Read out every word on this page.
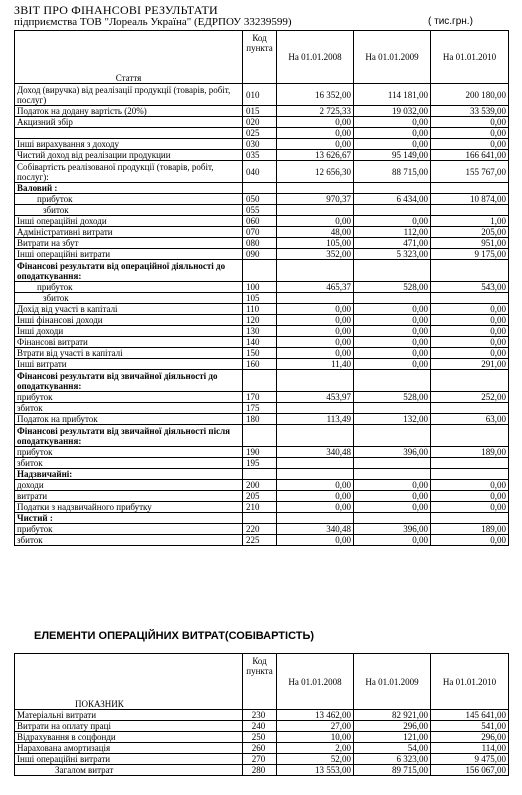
ЗВІТ ПРО ФІНАНСОВІ РЕЗУЛЬТАТИ
підприємства ТОВ "Лореаль Україна" (ЕДРПОУ 33239599)	( тис.грн.)
Стаття	Код пункта	На 01.01.2008	На 01.01.2009	На 01.01.2010
Доход (виручка) від реалізації продукції (товарів, робіт, послуг)	010	16 352,00	114 181,00	200 180,00
Податок на додану вартість (20%)	015	2 725,33	19 032,00	33 539,00
Акцизний збір	020	0,00	0,00	0,00
	025	0,00	0,00	0,00
Інші вирахування з доходу	030	0,00	0,00	0,00
Чистий доход від реалізации продукции	035	13 626,67	95 149,00	166 641,00
Собівартість реалізованої продукції (товарів, робіт, послуг):	040	12 656,30	88 715,00	155 767,00
Валовий :				
прибуток	050	970,37	6 434,00	10 874,00
збиток	055			
Інші операційні доходи	060	0,00	0,00	1,00
Адміністративні витрати	070	48,00	112,00	205,00
Витрати на збут	080	105,00	471,00	951,00
Інші операційні витрати	090	352,00	5 323,00	9 175,00
Фінансові результати від операційної діяльності до оподаткування:				
прибуток	100	465,37	528,00	543,00
збиток	105			
Дохід від участі в капіталі	110	0,00	0,00	0,00
Інші фінансові доходи	120	0,00	0,00	0,00
Інші доходи	130	0,00	0,00	0,00
Фінансові витрати	140	0,00	0,00	0,00
Втрати від участі в капіталі	150	0,00	0,00	0,00
Інші витрати	160	11,40	0,00	291,00
Фінансові результати від звичайної діяльності до оподаткування:				
прибуток	170	453,97	528,00	252,00
збиток	175			
Податок на прибуток	180	113,49	132,00	63,00
Фінансові результати від звичайної діяльності після оподаткування:				
прибуток	190	340,48	396,00	189,00
збиток	195			
Надзвичайні:				
доходи	200	0,00	0,00	0,00
витрати	205	0,00	0,00	0,00
Податки з надзвичайного прибутку	210	0,00	0,00	0,00
Чистий :				
прибуток	220	340,48	396,00	189,00
збиток	225	0,00	0,00	0,00
ЕЛЕМЕНТИ ОПЕРАЦІЙНИХ ВИТРАТ(СОБІВАРТІСТЬ)
ПОКАЗНИК	Код пункта	На 01.01.2008	На 01.01.2009	На 01.01.2010
Матеріальні витрати	230	13 462,00	82 921,00	145 641,00
Витрати на оплату праці	240	27,00	296,00	541,00
Відрахування в соцфонди	250	10,00	121,00	296,00
Нарахована амортизація	260	2,00	54,00	114,00
Інші операційні витрати	270	52,00	6 323,00	9 475,00
Загалом витрат	280	13 553,00	89 715,00	156 067,00
